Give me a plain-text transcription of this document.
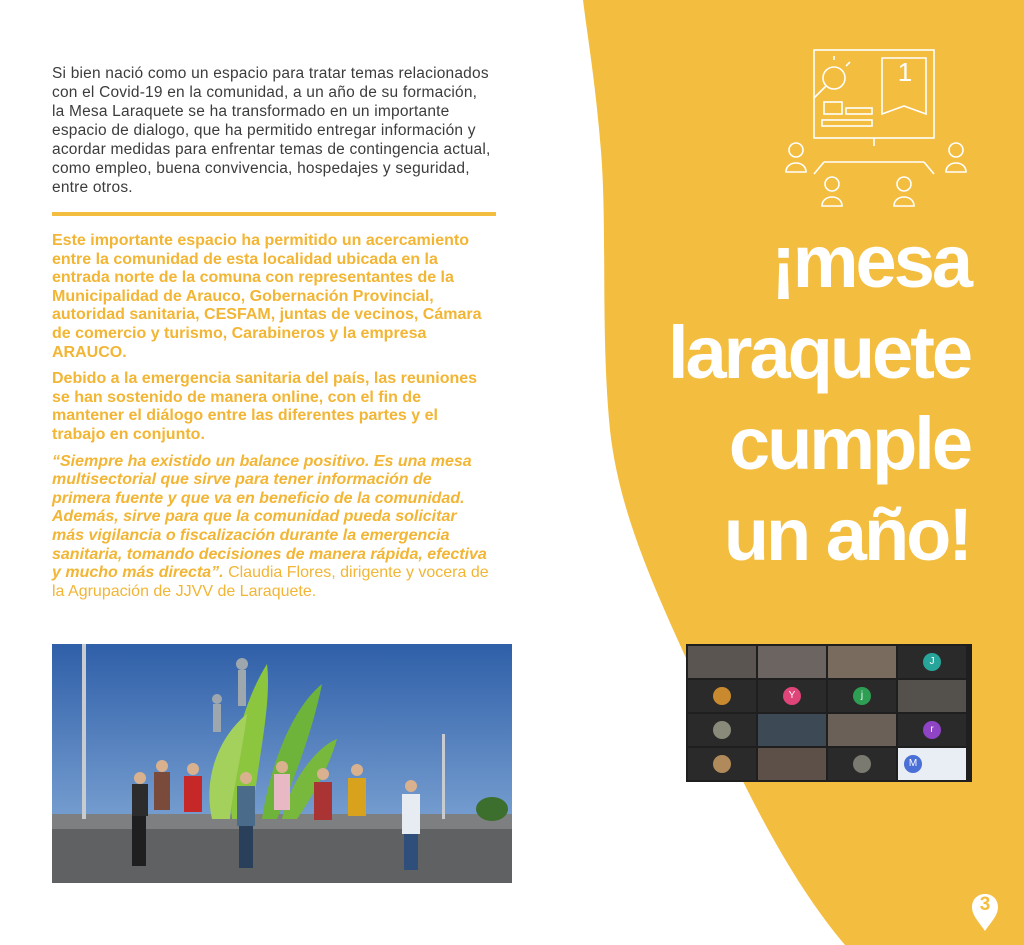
Si bien nació como un espacio para tratar temas relacionados con el Covid-19 en la comunidad, a un año de su formación, la Mesa Laraquete se ha transformado en un importante espacio de dialogo, que ha permitido entregar información y acordar medidas para enfrentar temas de contingencia actual, como empleo, buena convivencia, hospedajes y seguridad, entre otros.

Este importante espacio ha permitido un acercamiento entre la comunidad de esta localidad ubicada en la entrada norte de la comuna con representantes de la Municipalidad de Arauco, Gobernación Provincial, autoridad sanitaria, CESFAM, juntas de vecinos, Cámara de comercio y turismo, Carabineros y la empresa ARAUCO.

Debido a la emergencia sanitaria del país, las reuniones se han sostenido de manera online, con el fin de mantener el diálogo entre las diferentes partes y el trabajo en conjunto.

“Siempre ha existido un balance positivo. Es una mesa multisectorial que sirve para tener información de primera fuente y que va en beneficio de la comunidad. Además, sirve para que la comunidad pueda solicitar más vigilancia o fiscalización durante la emergencia sanitaria, tomando decisiones de manera rápida, efectiva y mucho más directa”. Claudia Flores, dirigente y vocera de la Agrupación de JJVV de Laraquete.

1
año
¡mesa
laraquete
cumple
un año!
J
Y	j
r
M
3
